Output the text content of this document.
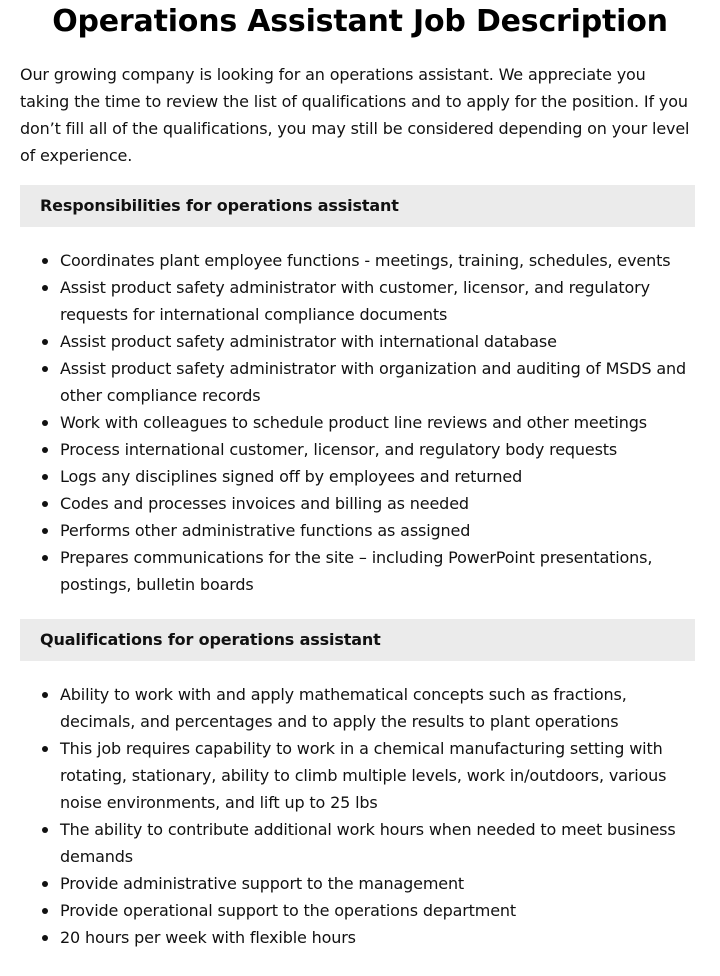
Operations Assistant Job Description

Our growing company is looking for an operations assistant. We appreciate you taking the time to review the list of qualifications and to apply for the position. If you don’t fill all of the qualifications, you may still be considered depending on your level of experience.

Responsibilities for operations assistant
Coordinates plant employee functions - meetings, training, schedules, events
Assist product safety administrator with customer, licensor, and regulatory requests for international compliance documents
Assist product safety administrator with international database
Assist product safety administrator with organization and auditing of MSDS and other compliance records
Work with colleagues to schedule product line reviews and other meetings
Process international customer, licensor, and regulatory body requests
Logs any disciplines signed off by employees and returned
Codes and processes invoices and billing as needed
Performs other administrative functions as assigned
Prepares communications for the site – including PowerPoint presentations, postings, bulletin boards
Qualifications for operations assistant
Ability to work with and apply mathematical concepts such as fractions, decimals, and percentages and to apply the results to plant operations
This job requires capability to work in a chemical manufacturing setting with rotating, stationary, ability to climb multiple levels, work in/outdoors, various noise environments, and lift up to 25 lbs
The ability to contribute additional work hours when needed to meet business demands
Provide administrative support to the management
Provide operational support to the operations department
20 hours per week with flexible hours
